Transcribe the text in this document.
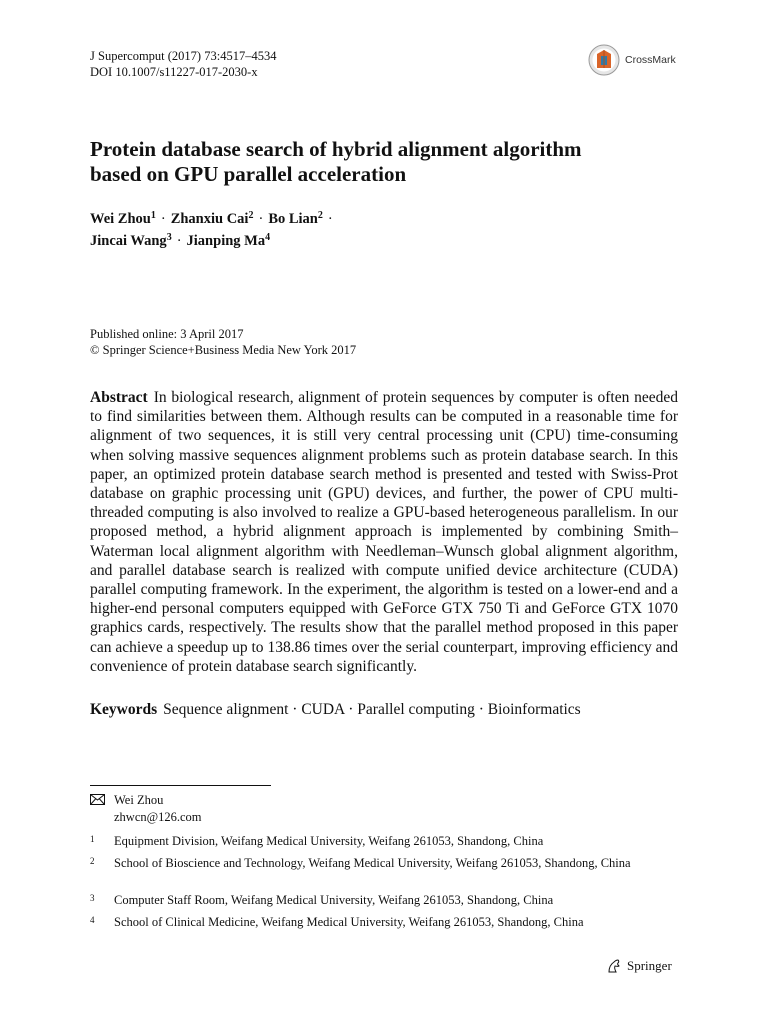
J Supercomput (2017) 73:4517–4534
DOI 10.1007/s11227-017-2030-x
CrossMark
Protein database search of hybrid alignment algorithm
based on GPU parallel acceleration
Wei Zhou$^1$ · Zhanxiu Cai$^2$ · Bo Lian$^2$ ·
Jincai Wang$^3$ · Jianping Ma$^4$
Published online: 3 April 2017
© Springer Science+Business Media New York 2017
Abstract In biological research, alignment of protein sequences by computer is often needed to find similarities between them. Although results can be computed in a reasonable time for alignment of two sequences, it is still very central processing unit (CPU) time-consuming when solving massive sequences alignment problems such as protein database search. In this paper, an optimized protein database search method is presented and tested with Swiss-Prot database on graphic processing unit (GPU) devices, and further, the power of CPU multi-threaded computing is also involved to realize a GPU-based heterogeneous parallelism. In our proposed method, a hybrid alignment approach is implemented by combining Smith–Waterman local alignment algorithm with Needleman–Wunsch global alignment algorithm, and parallel database search is realized with compute unified device architecture (CUDA) parallel computing framework. In the experiment, the algorithm is tested on a lower-end and a higher-end personal computers equipped with GeForce GTX 750 Ti and GeForce GTX 1070 graphics cards, respectively. The results show that the parallel method proposed in this paper can achieve a speedup up to 138.86 times over the serial counterpart, improving efficiency and convenience of protein database search significantly.
Keywords Sequence alignment · CUDA · Parallel computing · Bioinformatics
Wei Zhou
zhwcn@126.com
1	Equipment Division, Weifang Medical University, Weifang 261053, Shandong, China
2	School of Bioscience and Technology, Weifang Medical University, Weifang 261053, Shandong, China
3	Computer Staff Room, Weifang Medical University, Weifang 261053, Shandong, China
4	School of Clinical Medicine, Weifang Medical University, Weifang 261053, Shandong, China
Springer
